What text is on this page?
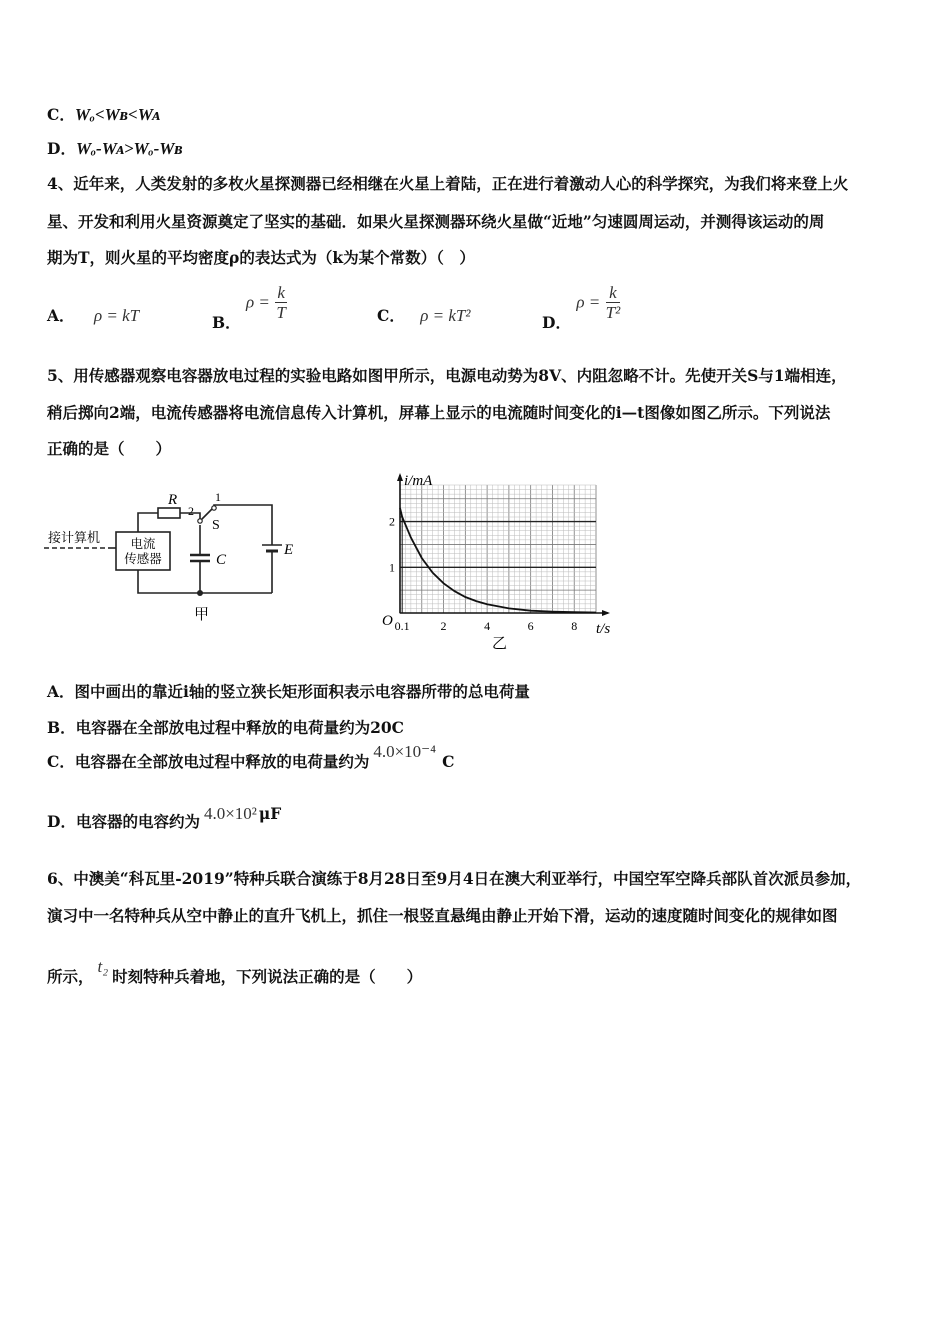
C．Wₒ<Wʙ<Wᴀ
D．Wₒ-Wᴀ>Wₒ-Wʙ
4、近年来，人类发射的多枚火星探测器已经相继在火星上着陆，正在进行着激动人心的科学探究，为我们将来登上火
星、开发和利用火星资源奠定了坚实的基础．如果火星探测器环绕火星做“近地”匀速圆周运动，并测得该运动的周
期为T，则火星的平均密度ρ的表达式为（k为某个常数）（　）
A． ρ = kT	B． $\rho = \frac{k}{T}$	C． ρ = kT²	D． $\rho = \frac{k}{\text{T²}}$
5、用传感器观察电容器放电过程的实验电路如图甲所示，电源电动势为8V、内阻忽略不计。先使开关S与1端相连，
稍后掷向2端，电流传感器将电流信息传入计算机，屏幕上显示的电流随时间变化的i—t图像如图乙所示。下列说法
正确的是（　　）
接计算机 电流
传感器
R
2
1
S
C
E
甲
0.1	2	4	6	8
1
2
i/mA
t/s
O
乙
A．图中画出的靠近i轴的竖立狭长矩形面积表示电容器所带的总电荷量
B．电容器在全部放电过程中释放的电荷量约为20C
C．电容器在全部放电过程中释放的电荷量约为4.0×10⁻⁴C
D．电容器的电容约为 4.0×10² μF
6、中澳美“科瓦里-2019”特种兵联合演练于8月28日至9月4日在澳大利亚举行，中国空军空降兵部队首次派员参加，
演习中一名特种兵从空中静止的直升飞机上，抓住一根竖直悬绳由静止开始下滑，运动的速度随时间变化的规律如图
所示，t₂时刻特种兵着地，下列说法正确的是（　　）
